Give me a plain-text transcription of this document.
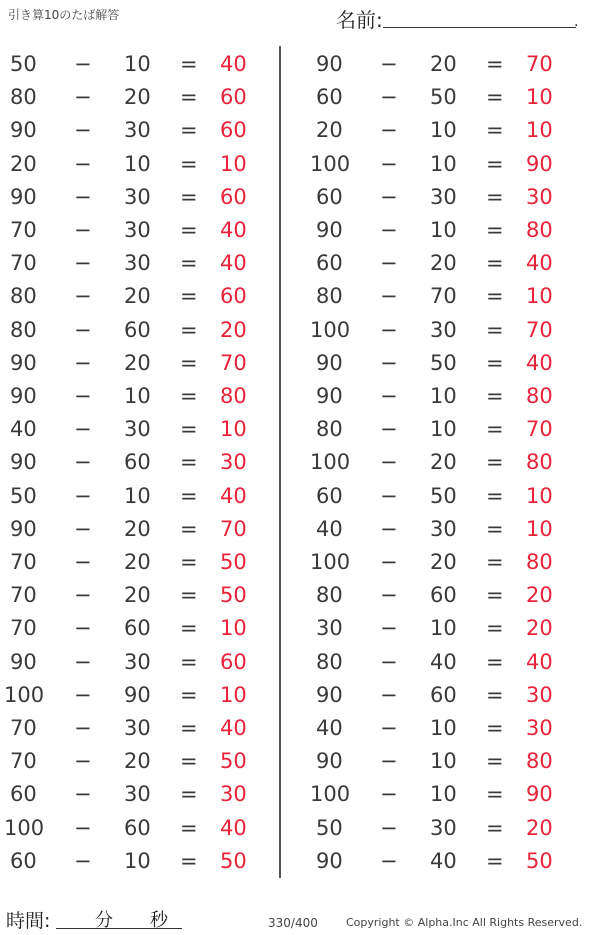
引き算10のたば解答	名前:	.
50 − 10 = 40
80 − 20 = 60
90 − 30 = 60
20 − 10 = 10
90 − 30 = 60
70 − 30 = 40
70 − 30 = 40
80 − 20 = 60
80 − 60 = 20
90 − 20 = 70
90 − 10 = 80
40 − 30 = 10
90 − 60 = 30
50 − 10 = 40
90 − 20 = 70
70 − 20 = 50
70 − 20 = 50
70 − 60 = 10
90 − 30 = 60
100 − 90 = 10
70 − 30 = 40
70 − 20 = 50
60 − 30 = 30
100 − 60 = 40
60 − 10 = 50
90 − 20 = 70
60 − 50 = 10
20 − 10 = 10
100 − 10 = 90
60 − 30 = 30
90 − 10 = 80
60 − 20 = 40
80 − 70 = 10
100 − 30 = 70
90 − 50 = 40
90 − 10 = 80
80 − 10 = 70
100 − 20 = 80
60 − 50 = 10
40 − 30 = 10
100 − 20 = 80
80 − 60 = 20
30 − 10 = 20
80 − 40 = 40
90 − 60 = 30
40 − 10 = 30
90 − 10 = 80
100 − 10 = 90
50 − 30 = 20
90 − 40 = 50
時間: 分 秒	330/400	Copyright © Alpha.Inc All Rights Reserved.
